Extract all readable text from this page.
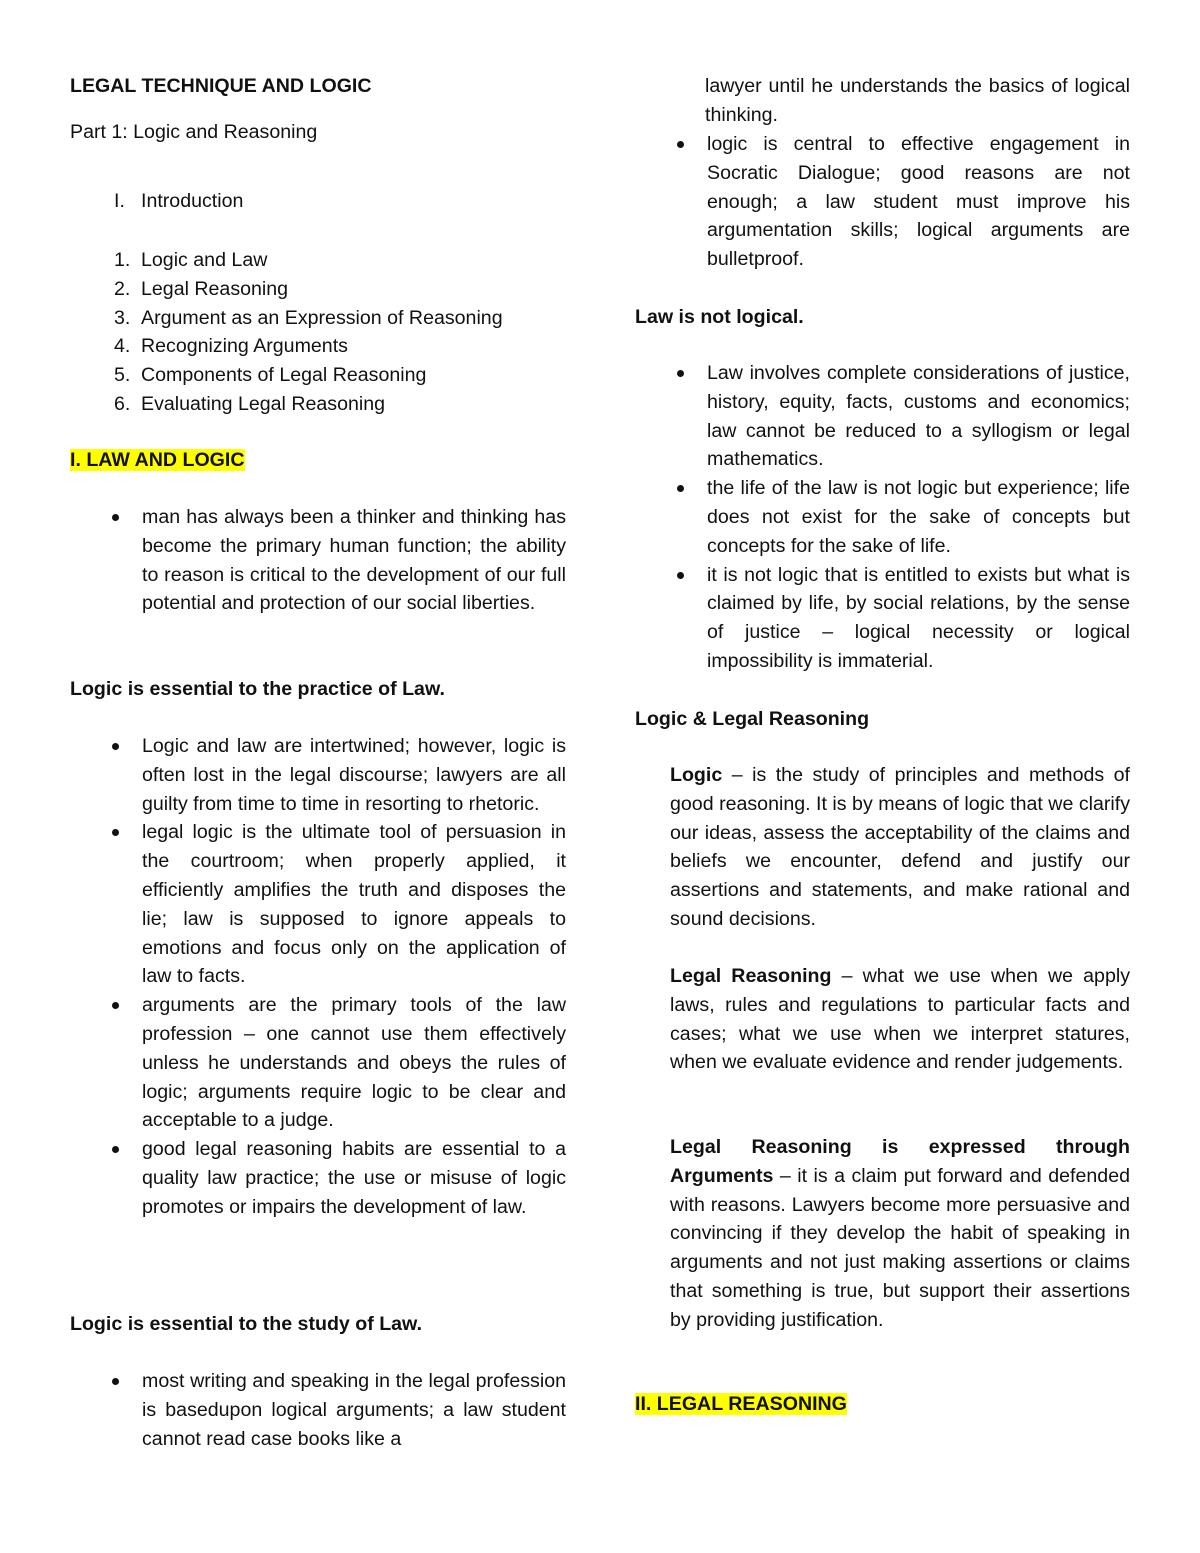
LEGAL TECHNIQUE AND LOGIC
Part 1: Logic and Reasoning
I. Introduction
1. Logic and Law
2. Legal Reasoning
3. Argument as an Expression of Reasoning
4. Recognizing Arguments
5. Components of Legal Reasoning
6. Evaluating Legal Reasoning
I. LAW AND LOGIC
man has always been a thinker and thinking has become the primary human function; the ability to reason is critical to the development of our full potential and protection of our social liberties.
Logic is essential to the practice of Law.
Logic and law are intertwined; however, logic is often lost in the legal discourse; lawyers are all guilty from time to time in resorting to rhetoric.
legal logic is the ultimate tool of persuasion in the courtroom; when properly applied, it efficiently amplifies the truth and disposes the lie; law is supposed to ignore appeals to emotions and focus only on the application of law to facts.
arguments are the primary tools of the law profession – one cannot use them effectively unless he understands and obeys the rules of logic; arguments require logic to be clear and acceptable to a judge.
good legal reasoning habits are essential to a quality law practice; the use or misuse of logic promotes or impairs the development of law.
Logic is essential to the study of Law.
most writing and speaking in the legal profession is basedupon logical arguments; a law student cannot read case books like a
lawyer until he understands the basics of logical thinking.
logic is central to effective engagement in Socratic Dialogue; good reasons are not enough; a law student must improve his argumentation skills; logical arguments are bulletproof.
Law is not logical.
Law involves complete considerations of justice, history, equity, facts, customs and economics; law cannot be reduced to a syllogism or legal mathematics.
the life of the law is not logic but experience; life does not exist for the sake of concepts but concepts for the sake of life.
it is not logic that is entitled to exists but what is claimed by life, by social relations, by the sense of justice – logical necessity or logical impossibility is immaterial.
Logic & Legal Reasoning
Logic – is the study of principles and methods of good reasoning. It is by means of logic that we clarify our ideas, assess the acceptability of the claims and beliefs we encounter, defend and justify our assertions and statements, and make rational and sound decisions.
Legal Reasoning – what we use when we apply laws, rules and regulations to particular facts and cases; what we use when we interpret statures, when we evaluate evidence and render judgements.
Legal Reasoning is expressed through Arguments – it is a claim put forward and defended with reasons. Lawyers become more persuasive and convincing if they develop the habit of speaking in arguments and not just making assertions or claims that something is true, but support their assertions by providing justification.
II. LEGAL REASONING
